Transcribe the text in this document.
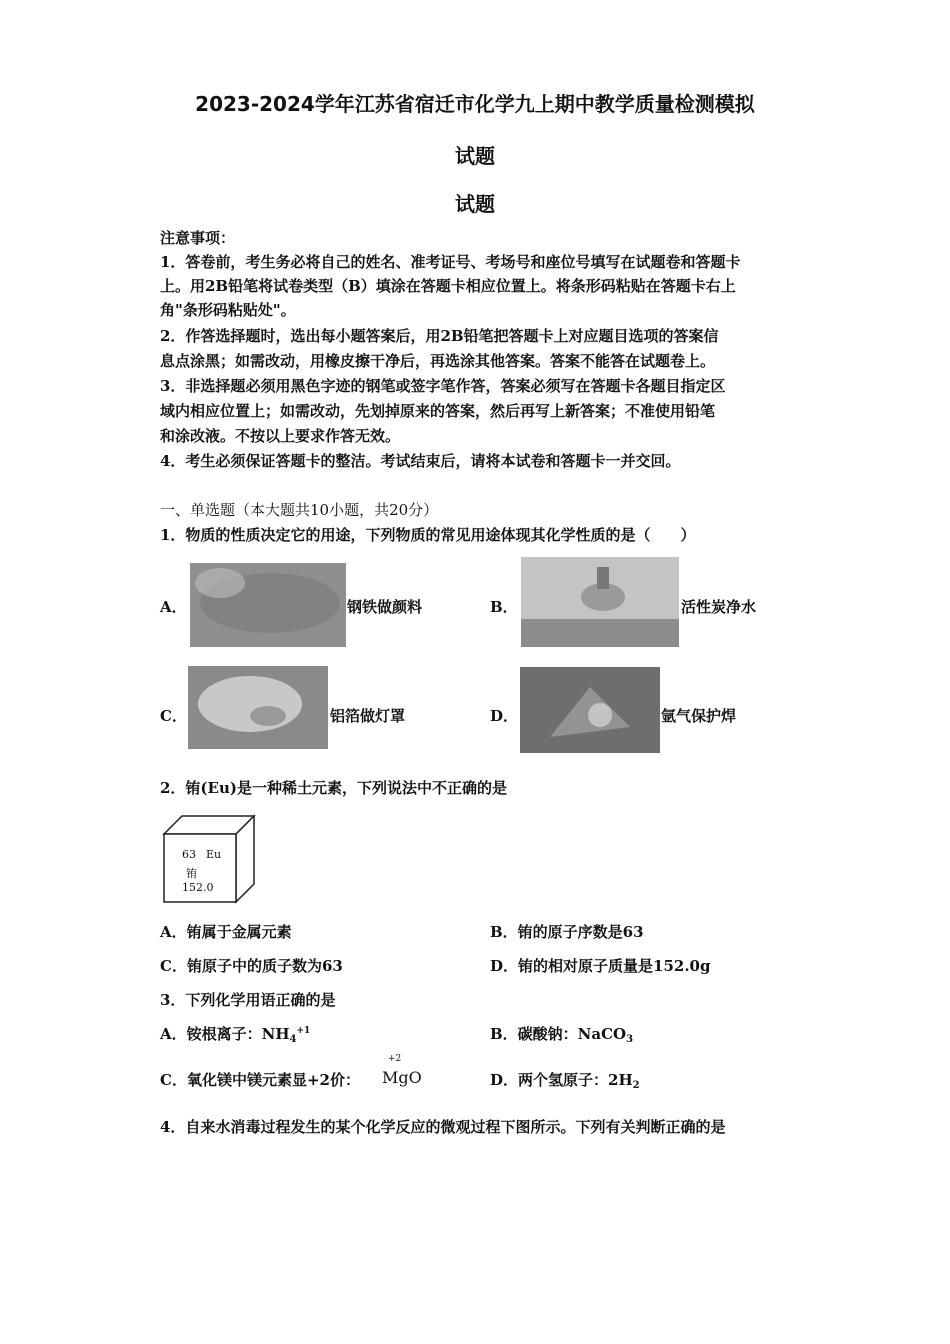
2023-2024学年江苏省宿迁市化学九上期中教学质量检测模拟
试题
试题
注意事项：
1．答卷前，考生务必将自己的姓名、准考证号、考场号和座位号填写在试题卷和答题卡
上。用2B铅笔将试卷类型（B）填涂在答题卡相应位置上。将条形码粘贴在答题卡右上
角"条形码粘贴处"。
2．作答选择题时，选出每小题答案后，用2B铅笔把答题卡上对应题目选项的答案信
息点涂黑；如需改动，用橡皮擦干净后，再选涂其他答案。答案不能答在试题卷上。
3．非选择题必须用黑色字迹的钢笔或签字笔作答，答案必须写在答题卡各题目指定区
域内相应位置上；如需改动，先划掉原来的答案，然后再写上新答案；不准使用铅笔
和涂改液。不按以上要求作答无效。
4．考生必须保证答题卡的整洁。考试结束后，请将本试卷和答题卡一并交回。
一、单选题（本大题共10小题，共20分）
1．物质的性质决定它的用途，下列物质的常见用途体现其化学性质的是（　　）
A．	钢铁做颜料	B．	活性炭净水
C．	铝箔做灯罩	D．	氩气保护焊
2．铕(Eu)是一种稀土元素，下列说法中不正确的是
63 Eu
铕
152.0
A．铕属于金属元素	B．铕的原子序数是63
C．铕原子中的质子数为63	D．铕的相对原子质量是152.0g
3．下列化学用语正确的是
A．铵根离子：$NH_4^{+1}$	B．碳酸钠：NaCO$_3$
C．氧化镁中镁元素显+2价：
+2
MgO	D．两个氢原子：$2H_2$
4．自来水消毒过程发生的某个化学反应的微观过程下图所示。下列有关判断正确的是
